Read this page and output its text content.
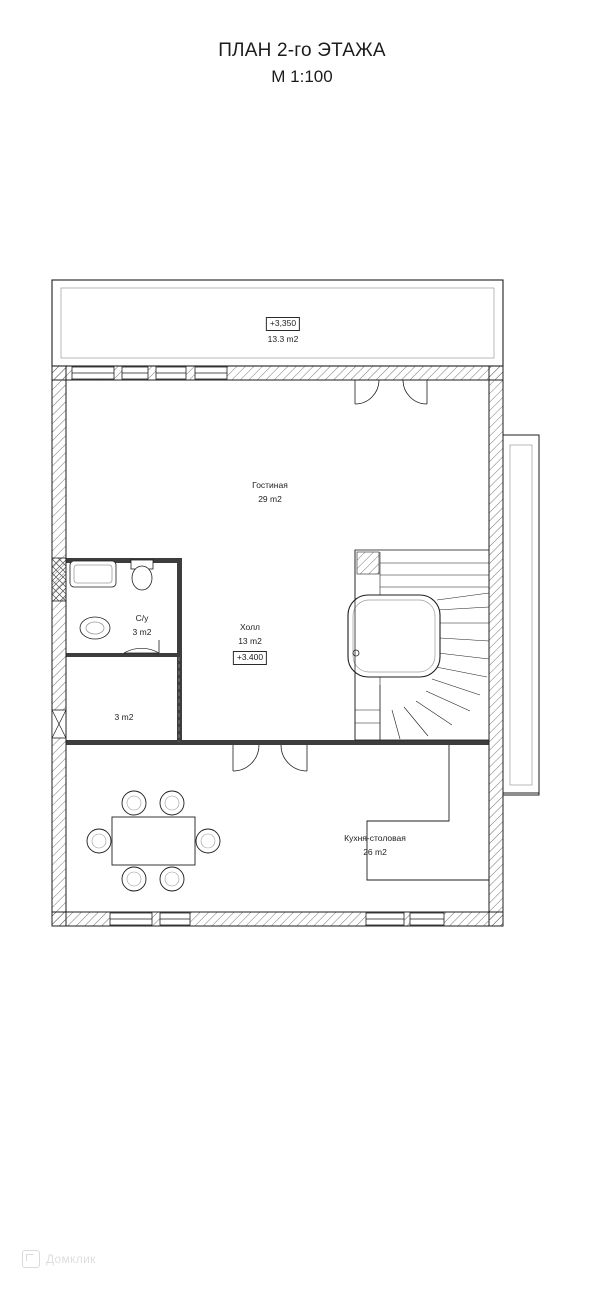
ПЛАН 2-го ЭТАЖА
М 1:100
+3,350
13.3 m2
Гостиная
29 m2
С/у
3 m2	Холл
13 m2
+3.400
3 m2
Кухня-столовая
26 m2
Домклик
